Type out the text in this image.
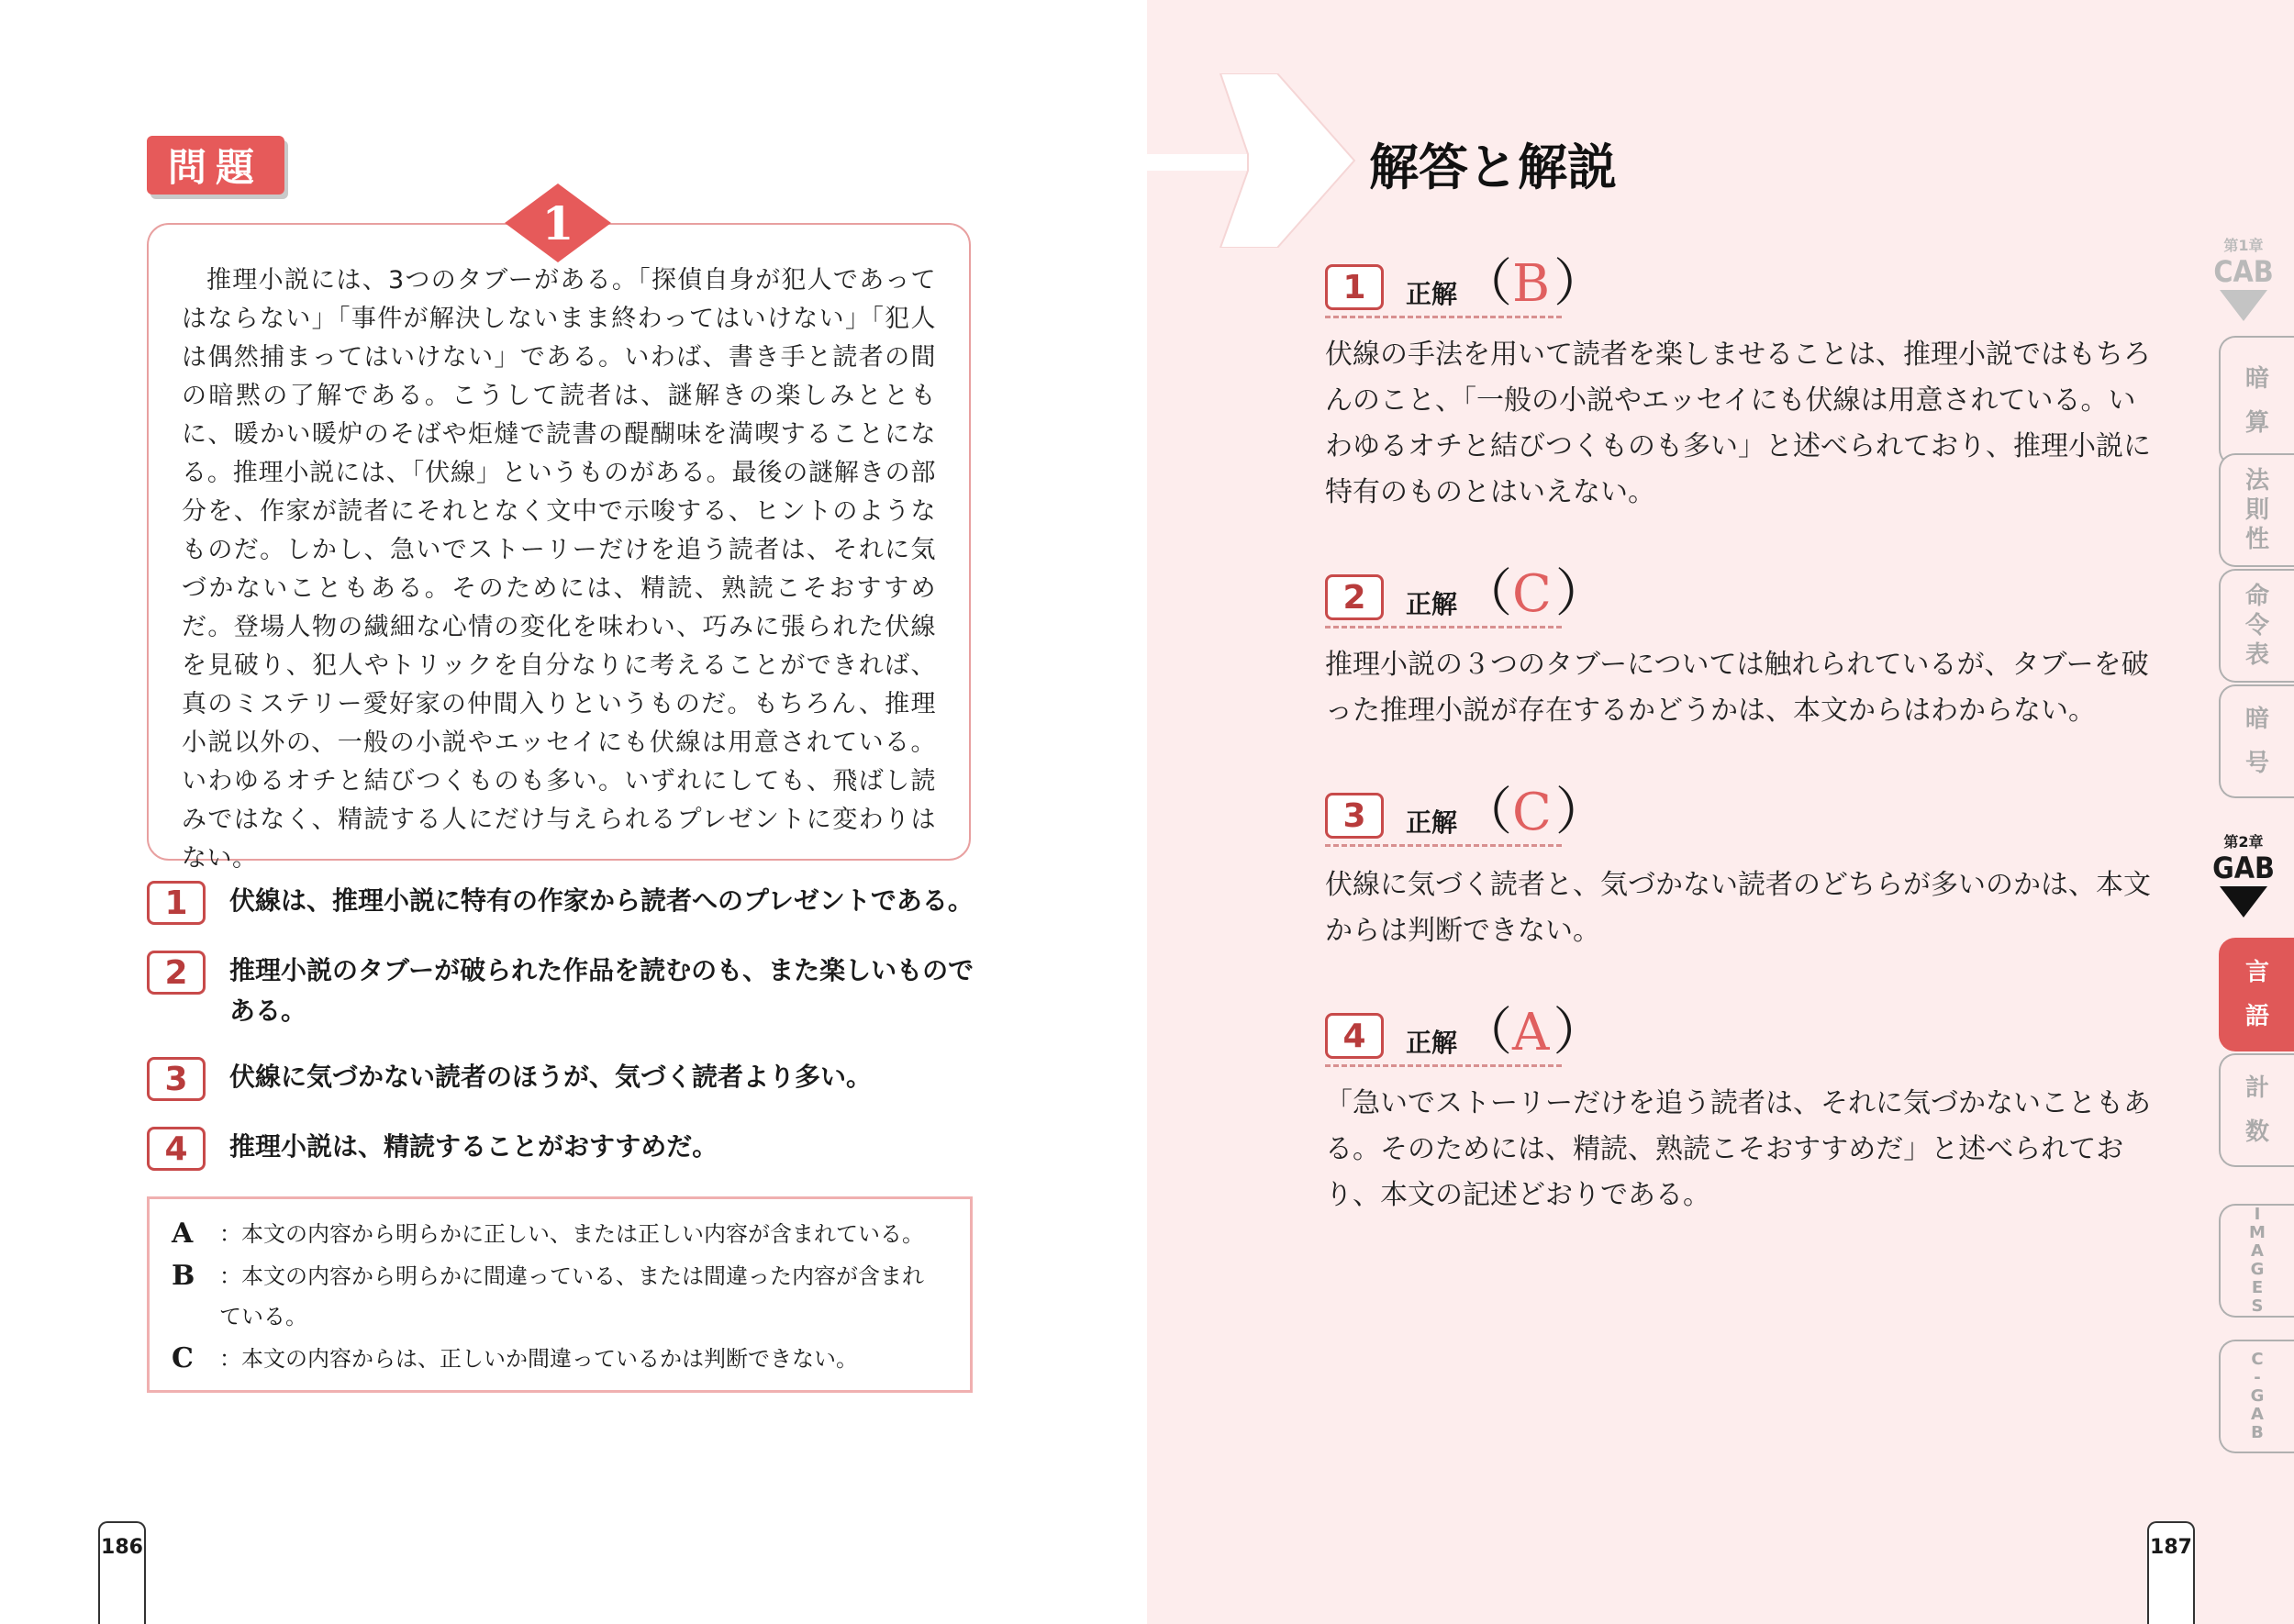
問題
1

推理小説には、3つのタブーがある。「探偵自身が犯人であってはならない」「事件が解決しないまま終わってはいけない」「犯人は偶然捕まってはいけない」である。いわば、書き手と読者の間の暗黙の了解である。こうして読者は、謎解きの楽しみとともに、暖かい暖炉のそばや炬燵で読書の醍醐味を満喫することになる。推理小説には、「伏線」というものがある。最後の謎解きの部分を、作家が読者にそれとなく文中で示唆する、ヒントのようなものだ。しかし、急いでストーリーだけを追う読者は、それに気づかないこともある。そのためには、精読、熟読こそおすすめだ。登場人物の繊細な心情の変化を味わい、巧みに張られた伏線を見破り、犯人やトリックを自分なりに考えることができれば、真のミステリー愛好家の仲間入りというものだ。もちろん、推理小説以外の、一般の小説やエッセイにも伏線は用意されている。いわゆるオチと結びつくものも多い。いずれにしても、飛ばし読みではなく、精読する人にだけ与えられるプレゼントに変わりはない。

1	伏線は、推理小説に特有の作家から読者へのプレゼントである。
2	推理小説のタブーが破られた作品を読むのも、また楽しいものである。
3	伏線に気づかない読者のほうが、気づく読者より多い。
4	推理小説は、精読することがおすすめだ。
A	：本文の内容から明らかに正しい、または正しい内容が含まれている。
B	：本文の内容から明らかに間違っている、または間違った内容が含まれている。
C	：本文の内容からは、正しいか間違っているかは判断できない。
186
解答と解説
1	正解 （ B ）
伏線の手法を用いて読者を楽しませることは、推理小説ではもちろんのこと、「一般の小説やエッセイにも伏線は用意されている。いわゆるオチと結びつくものも多い」と述べられており、推理小説に特有のものとはいえない。
2	正解 （ C ）
推理小説の３つのタブーについては触れられているが、タブーを破った推理小説が存在するかどうかは、本文からはわからない。
3	正解 （ C ）
伏線に気づく読者と、気づかない読者のどちらが多いのかは、本文からは判断できない。
4	正解 （ A ）
「急いでストーリーだけを追う読者は、それに気づかないこともある。そのためには、精読、熟読こそおすすめだ」と述べられており、本文の記述どおりである。
187
第1章
CAB
暗
算
法
則
性
命
令
表
暗
号
第2章
GAB
言
語
計
数
I
M
A
G
E
S
C
-
G
A
B
